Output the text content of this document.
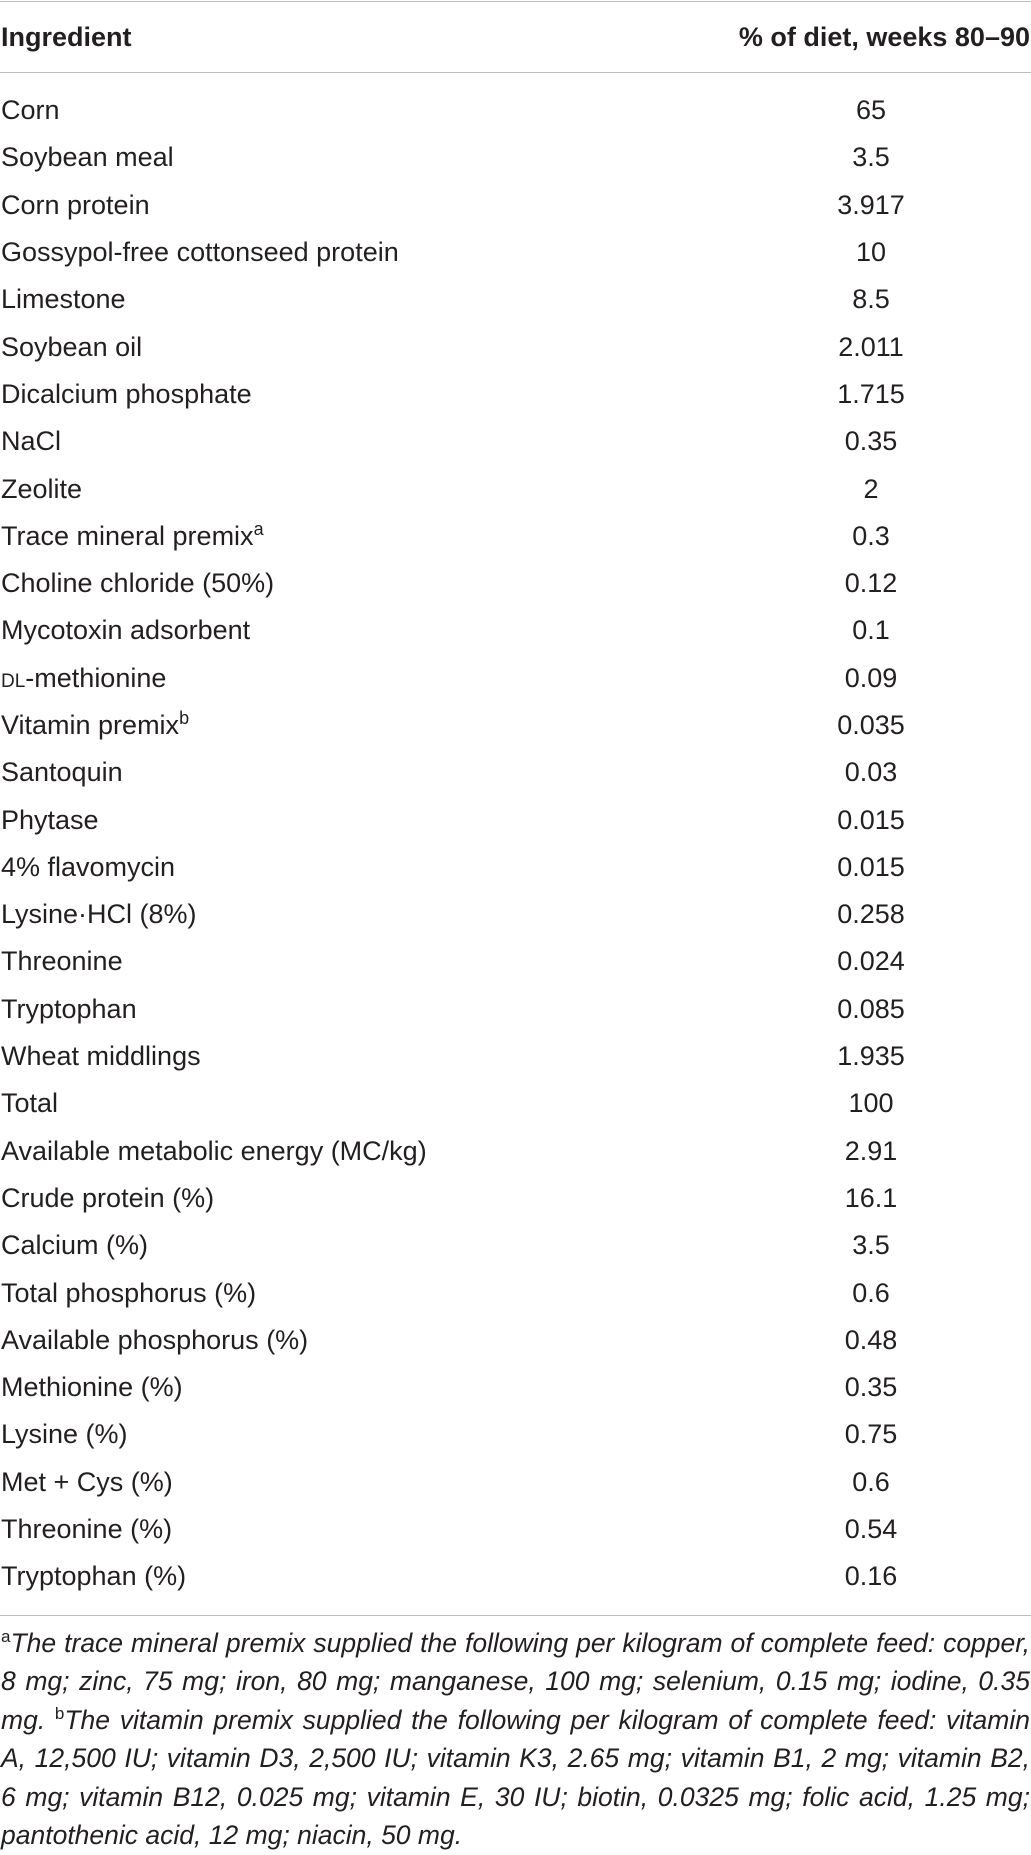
Ingredient	% of diet, weeks 80–90
Corn	65
Soybean meal	3.5
Corn protein	3.917
Gossypol-free cottonseed protein	10
Limestone	8.5
Soybean oil	2.011
Dicalcium phosphate	1.715
NaCl	0.35
Zeolite	2
Trace mineral premix$^a$	0.3
Choline chloride (50%)	0.12
Mycotoxin adsorbent	0.1
dl-methionine	0.09
Vitamin premix$^b$	0.035
Santoquin	0.03
Phytase	0.015
4% flavomycin	0.015
Lysine·HCl (8%)	0.258
Threonine	0.024
Tryptophan	0.085
Wheat middlings	1.935
Total	100
Available metabolic energy (MC/kg)	2.91
Crude protein (%)	16.1
Calcium (%)	3.5
Total phosphorus (%)	0.6
Available phosphorus (%)	0.48
Methionine (%)	0.35
Lysine (%)	0.75
Met + Cys (%)	0.6
Threonine (%)	0.54
Tryptophan (%)	0.16
$^a$The trace mineral premix supplied the following per kilogram of complete feed: copper, 8 mg; zinc, 75 mg; iron, 80 mg; manganese, 100 mg; selenium, 0.15 mg; iodine, 0.35 mg. $^b$The vitamin premix supplied the following per kilogram of complete feed: vitamin A, 12,500 IU; vitamin D3, 2,500 IU; vitamin K3, 2.65 mg; vitamin B1, 2 mg; vitamin B2, 6 mg; vitamin B12, 0.025 mg; vitamin E, 30 IU; biotin, 0.0325 mg; folic acid, 1.25 mg; pantothenic acid, 12 mg; niacin, 50 mg.
